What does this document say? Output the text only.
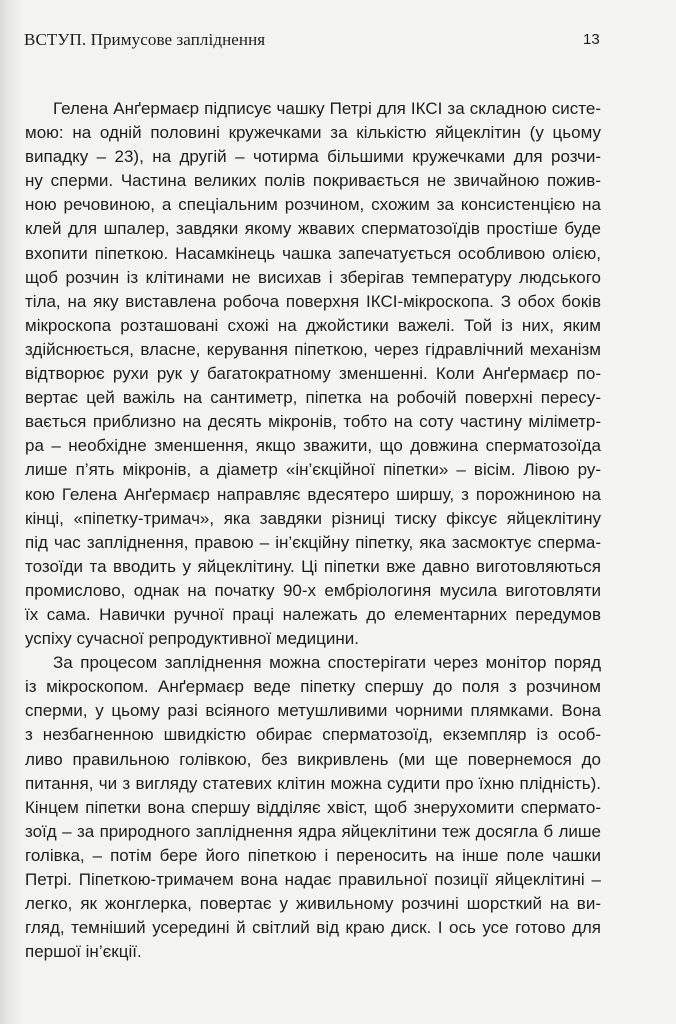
ВСТУП. Примусове запліднення	13
Гелена Анґермаєр підписує чашку Петрі для ІКСІ за складною систе-
мою: на одній половині кружечками за кількістю яйцеклітин (у цьому
випадку – 23), на другій – чотирма більшими кружечками для розчи-
ну сперми. Частина великих полів покривається не звичайною пожив-
ною речовиною, а спеціальним розчином, схожим за консистенцією на
клей для шпалер, завдяки якому жвавих сперматозоїдів простіше буде
вхопити піпеткою. Насамкінець чашка запечатується особливою олією,
щоб розчин із клітинами не висихав і зберігав температуру людського
тіла, на яку виставлена робоча поверхня ІКСІ-мікроскопа. З обох боків
мікроскопа розташовані схожі на джойстики важелі. Той із них, яким
здійснюється, власне, керування піпеткою, через гідравлічний механізм
відтворює рухи рук у багатократному зменшенні. Коли Анґермаєр по-
вертає цей важіль на сантиметр, піпетка на робочій поверхні пересу-
вається приблизно на десять мікронів, тобто на соту частину міліметр-
ра – необхідне зменшення, якщо зважити, що довжина сперматозоїда
лише п’ять мікронів, а діаметр «ін’єкційної піпетки» – вісім. Лівою ру-
кою Гелена Анґермаєр направляє вдесятеро ширшу, з порожниною на
кінці, «піпетку-тримач», яка завдяки різниці тиску фіксує яйцеклітину
під час запліднення, правою – ін’єкційну піпетку, яка засмоктує сперма-
тозоїди та вводить у яйцеклітину. Ці піпетки вже давно виготовляються
промислово, однак на початку 90-х ембріологиня мусила виготовляти
їх сама. Навички ручної праці належать до елементарних передумов
успіху сучасної репродуктивної медицини.
За процесом запліднення можна спостерігати через монітор поряд
із мікроскопом. Анґермаєр веде піпетку спершу до поля з розчином
сперми, у цьому разі всіяного метушливими чорними плямками. Вона
з незбагненною швидкістю обирає сперматозоїд, екземпляр із особ-
ливо правильною голівкою, без викривлень (ми ще повернемося до
питання, чи з вигляду статевих клітин можна судити про їхню плідність).
Кінцем піпетки вона спершу відділяє хвіст, щоб знерухомити сперматo-
зоїд – за природного запліднення ядра яйцеклітини теж досягла б лише
голівка, – потім бере його піпеткою і переносить на інше поле чашки
Петрі. Піпеткою-тримачем вона надає правильної позиції яйцеклітині –
легко, як жонглерка, повертає у живильному розчині шорсткий на ви-
гляд, темніший усередині й світлий від краю диск. І ось усе готово для
першої ін’єкції.
